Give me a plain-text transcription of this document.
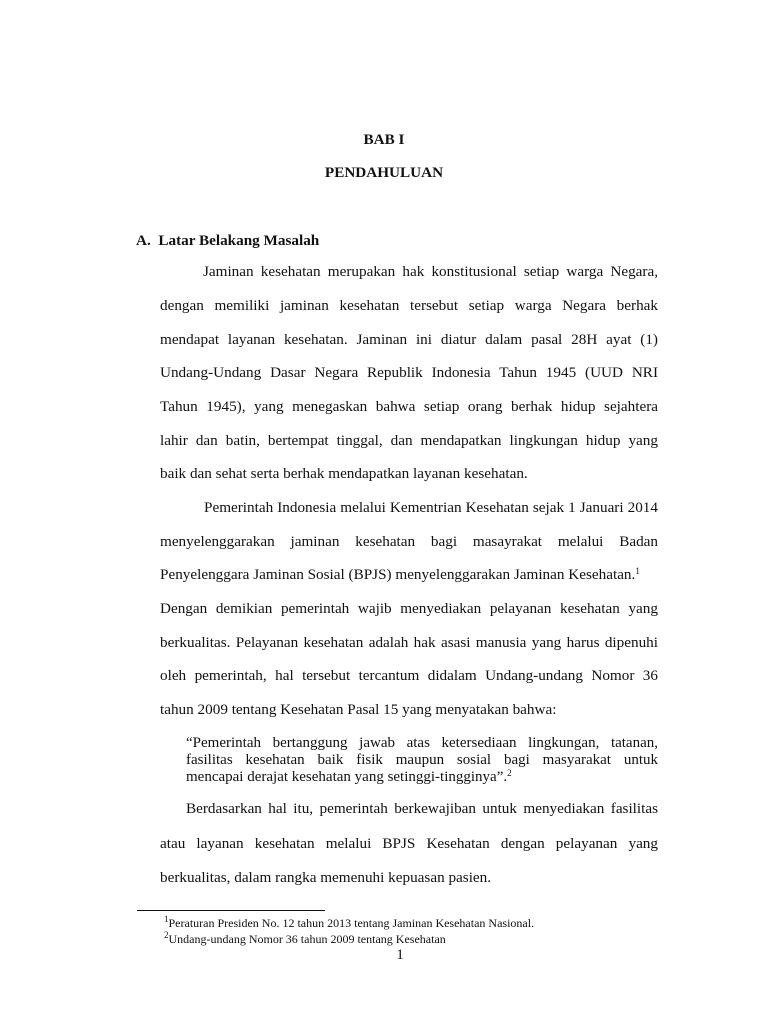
BAB I
PENDAHULUAN
A.  Latar Belakang Masalah
Jaminan kesehatan merupakan hak konstitusional setiap warga Negara,
dengan memiliki jaminan kesehatan tersebut setiap warga Negara berhak
mendapat layanan kesehatan. Jaminan ini diatur dalam pasal 28H ayat (1)
Undang-Undang Dasar Negara Republik Indonesia Tahun 1945 (UUD NRI
Tahun 1945), yang menegaskan bahwa setiap orang berhak hidup sejahtera
lahir dan batin, bertempat tinggal, dan mendapatkan lingkungan hidup yang
baik dan sehat serta berhak mendapatkan layanan kesehatan.
Pemerintah Indonesia melalui Kementrian Kesehatan sejak 1 Januari 2014
menyelenggarakan jaminan kesehatan bagi masayrakat melalui Badan
Penyelenggara Jaminan Sosial (BPJS) menyelenggarakan Jaminan Kesehatan.$^1$
Dengan demikian pemerintah wajib menyediakan pelayanan kesehatan yang
berkualitas. Pelayanan kesehatan adalah hak asasi manusia yang harus dipenuhi
oleh pemerintah, hal tersebut tercantum didalam Undang-undang Nomor 36
tahun 2009 tentang Kesehatan Pasal 15 yang menyatakan bahwa:
“Pemerintah bertanggung jawab atas ketersediaan lingkungan, tatanan,
fasilitas kesehatan baik fisik maupun sosial bagi masyarakat untuk
mencapai derajat kesehatan yang setinggi-tingginya”.$^2$
Berdasarkan hal itu, pemerintah berkewajiban untuk menyediakan fasilitas
atau layanan kesehatan melalui BPJS Kesehatan dengan pelayanan yang
berkualitas, dalam rangka memenuhi kepuasan pasien.
$^1$Peraturan Presiden No. 12 tahun 2013 tentang Jaminan Kesehatan Nasional.
$^2$Undang-undang Nomor 36 tahun 2009 tentang Kesehatan
1
